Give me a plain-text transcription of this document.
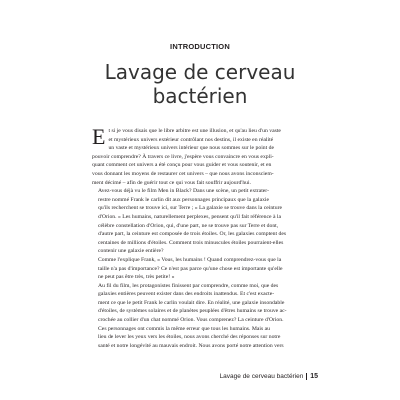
INTRODUCTION
Lavage de cerveau
bactérien

E t si je vous disais que le libre arbitre est une illusion, et qu'au lieu d'un vaste
et mystérieux univers extérieur contrôlant nos destins, il existe en réalité
un vaste et mystérieux univers intérieur que nous sommes sur le point de
pouvoir comprendre? À travers ce livre, j'espère vous convaincre en vous expli-
quant comment cet univers a été conçu pour vous guider et vous soutenir, et en
vous donnant les moyens de restaurer cet univers – que nous avons inconsciem-
ment décimé – afin de guérir tout ce qui vous fait souffrir aujourd'hui.

Avez-vous déjà vu le film Men in Black? Dans une scène, un petit extrater-
restre nommé Frank le carlin dit aux personnages principaux que la galaxie
qu'ils recherchent se trouve ici, sur Terre ; « La galaxie se trouve dans la ceinture
d'Orion. » Les humains, naturellement perplexes, pensent qu'il fait référence à la
célèbre constellation d'Orion, qui, d'une part, ne se trouve pas sur Terre et dont,
d'autre part, la ceinture est composée de trois étoiles. Or, les galaxies comptent des
centaines de millions d'étoiles. Comment trois minuscules étoiles pourraient-elles
contenir une galaxie entière?

Comme l'explique Frank, « Vous, les humains ! Quand comprendrez-vous que la
taille n'a pas d'importance? Ce n'est pas parce qu'une chose est importante qu'elle
ne peut pas être très, très petite! »

Au fil du film, les protagonistes finissent par comprendre, comme moi, que des
galaxies entières peuvent exister dans des endroits inattendus. Et c'est exacte-
ment ce que le petit Frank le carlin voulait dire. En réalité, une galaxie insondable
d'étoiles, de systèmes solaires et de planètes peuplées d'êtres humains se trouve ac-
crochée au collier d'un chat nommé Orion. Vous comprenez? La ceinture d'Orion.

Ces personnages ont commis la même erreur que tous les humains. Mais au
lieu de lever les yeux vers les étoiles, nous avons cherché des réponses sur notre
santé et notre longévité au mauvais endroit. Nous avons porté notre attention vers

Lavage de cerveau bactérien 15
